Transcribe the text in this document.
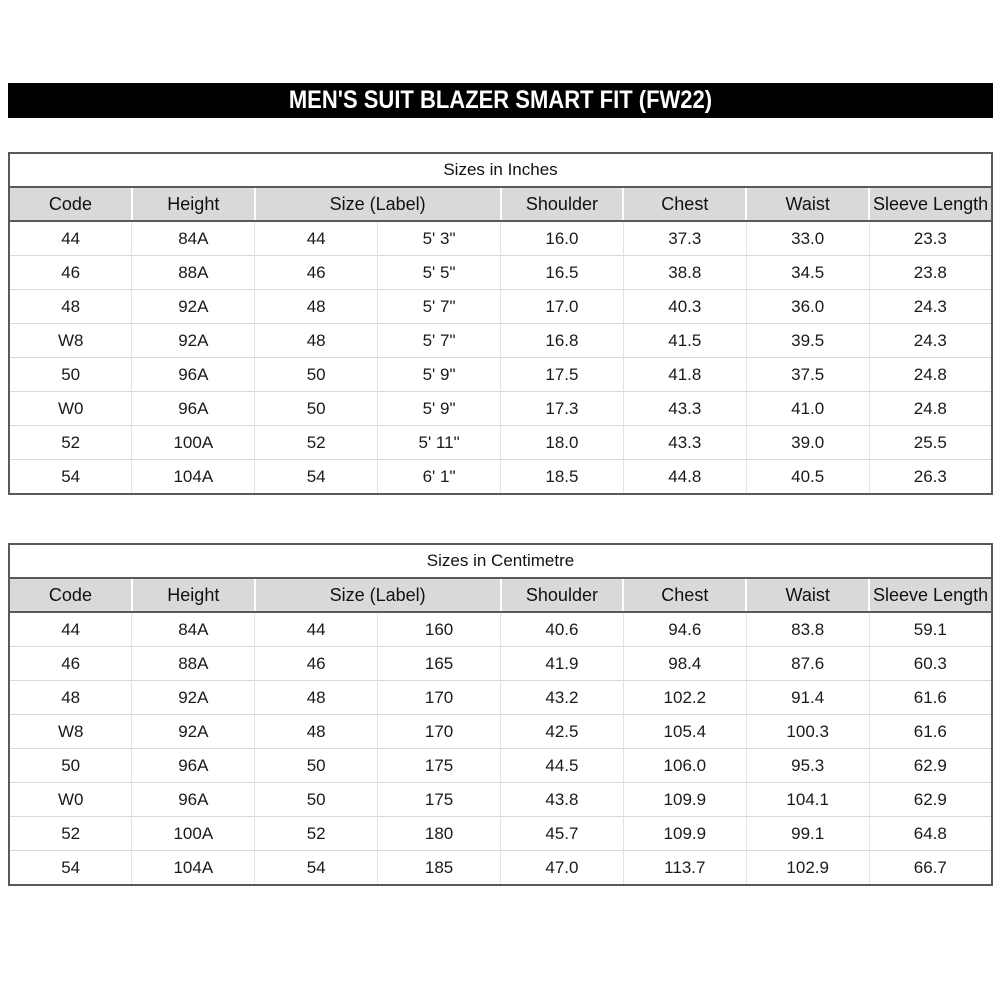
MEN'S SUIT BLAZER SMART FIT (FW22)
Sizes in Inches							
Code	Height	Size (Label)		Shoulder	Chest	Waist	Sleeve Length
44	84A	44	5' 3"	16.0	37.3	33.0	23.3
46	88A	46	5' 5"	16.5	38.8	34.5	23.8
48	92A	48	5' 7"	17.0	40.3	36.0	24.3
W8	92A	48	5' 7"	16.8	41.5	39.5	24.3
50	96A	50	5' 9"	17.5	41.8	37.5	24.8
W0	96A	50	5' 9"	17.3	43.3	41.0	24.8
52	100A	52	5' 11"	18.0	43.3	39.0	25.5
54	104A	54	6' 1"	18.5	44.8	40.5	26.3
Sizes in Centimetre							
Code	Height	Size (Label)		Shoulder	Chest	Waist	Sleeve Length
44	84A	44	160	40.6	94.6	83.8	59.1
46	88A	46	165	41.9	98.4	87.6	60.3
48	92A	48	170	43.2	102.2	91.4	61.6
W8	92A	48	170	42.5	105.4	100.3	61.6
50	96A	50	175	44.5	106.0	95.3	62.9
W0	96A	50	175	43.8	109.9	104.1	62.9
52	100A	52	180	45.7	109.9	99.1	64.8
54	104A	54	185	47.0	113.7	102.9	66.7
